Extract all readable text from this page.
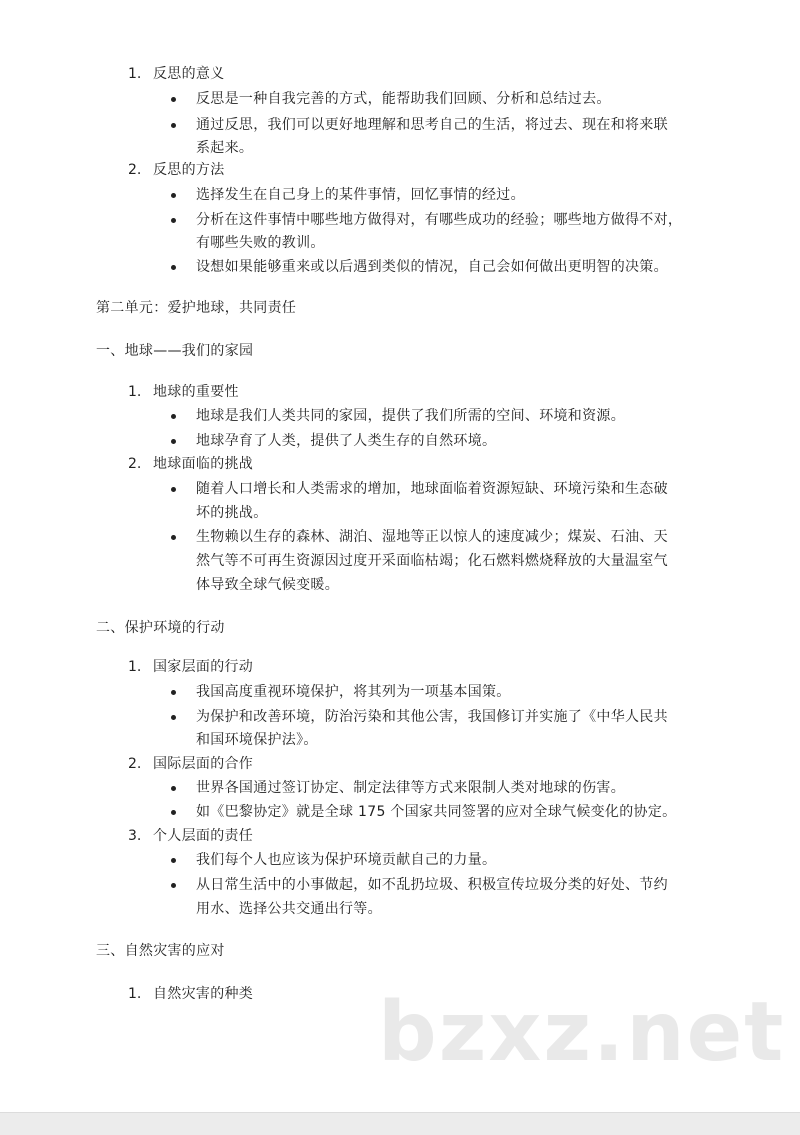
1. 反思的意义
反思是一种自我完善的方式，能帮助我们回顾、分析和总结过去。
通过反思，我们可以更好地理解和思考自己的生活，将过去、现在和将来联
系起来。
2. 反思的方法
选择发生在自己身上的某件事情，回忆事情的经过。
分析在这件事情中哪些地方做得对，有哪些成功的经验；哪些地方做得不对，
有哪些失败的教训。
设想如果能够重来或以后遇到类似的情况，自己会如何做出更明智的决策。
第二单元：爱护地球，共同责任
一、地球——我们的家园
1. 地球的重要性
地球是我们人类共同的家园，提供了我们所需的空间、环境和资源。
地球孕育了人类，提供了人类生存的自然环境。
2. 地球面临的挑战
随着人口增长和人类需求的增加，地球面临着资源短缺、环境污染和生态破
坏的挑战。
生物赖以生存的森林、湖泊、湿地等正以惊人的速度减少；煤炭、石油、天
然气等不可再生资源因过度开采面临枯竭；化石燃料燃烧释放的大量温室气
体导致全球气候变暖。
二、保护环境的行动
1. 国家层面的行动
我国高度重视环境保护，将其列为一项基本国策。
为保护和改善环境，防治污染和其他公害，我国修订并实施了《中华人民共
和国环境保护法》。
2. 国际层面的合作
世界各国通过签订协定、制定法律等方式来限制人类对地球的伤害。
如《巴黎协定》就是全球 175 个国家共同签署的应对全球气候变化的协定。
3. 个人层面的责任
我们每个人也应该为保护环境贡献自己的力量。
从日常生活中的小事做起，如不乱扔垃圾、积极宣传垃圾分类的好处、节约
用水、选择公共交通出行等。
三、自然灾害的应对
1. 自然灾害的种类 bzxz.net
